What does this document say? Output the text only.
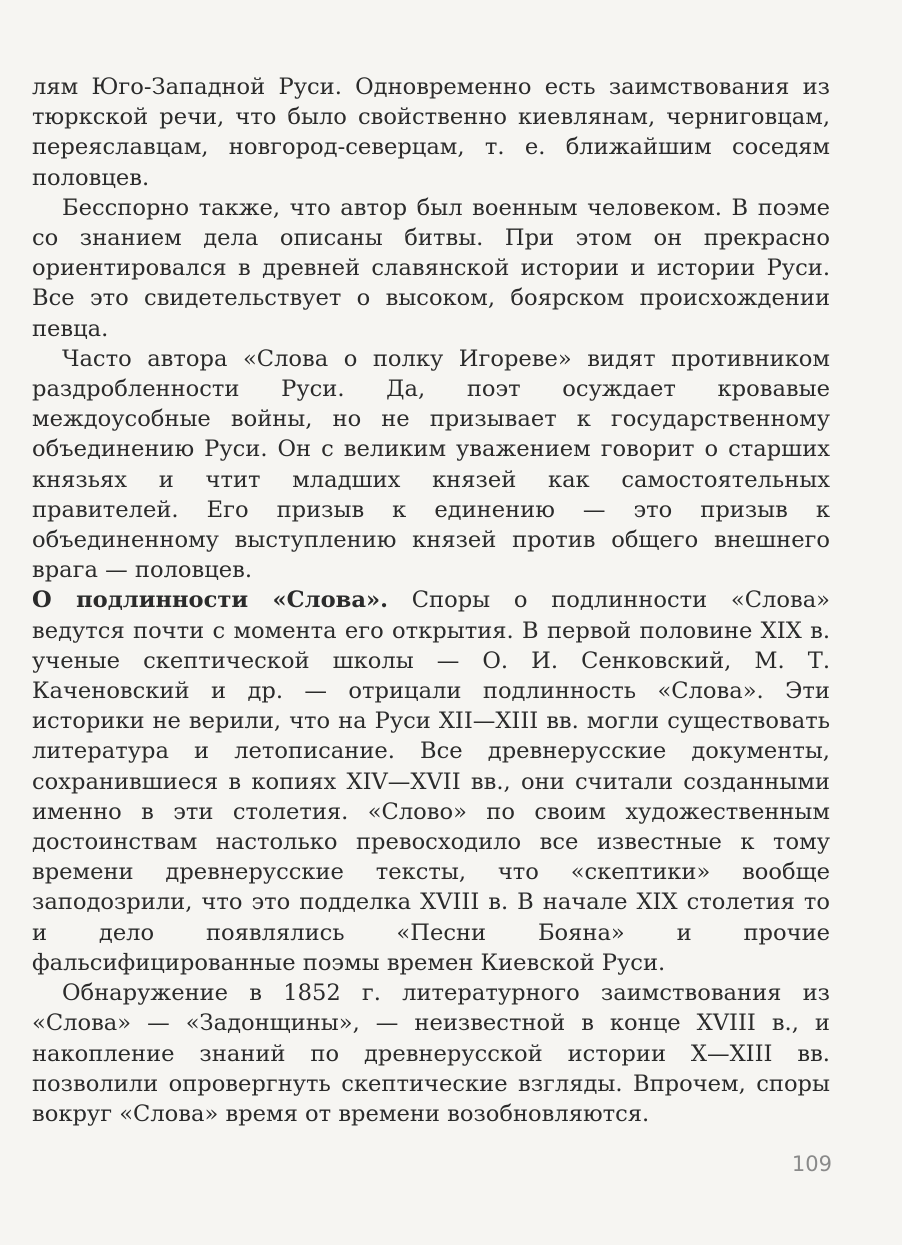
лям Юго-Западной Руси. Одновременно есть заимствования из тюркской речи, что было свойственно киевлянам, черниговцам, переяславцам, новгород-северцам, т. е. ближайшим соседям половцев.

Бесспорно также, что автор был военным человеком. В поэме со знанием дела описаны битвы. При этом он прекрасно ориентировался в древней славянской истории и истории Руси. Все это свидетельствует о высоком, боярском происхождении певца.

Часто автора «Слова о полку Игореве» видят противником раздробленности Руси. Да, поэт осуждает кровавые междоусобные войны, но не призывает к государственному объединению Руси. Он с великим уважением говорит о старших князьях и чтит младших князей как самостоятельных правителей. Его призыв к единению — это призыв к объединенному выступлению князей против общего внешнего врага — половцев.

О подлинности «Слова». Споры о подлинности «Слова» ведутся почти с момента его открытия. В первой половине XIX в. ученые скептической школы — О. И. Сенковский, М. Т. Каченовский и др. — отрицали подлинность «Слова». Эти историки не верили, что на Руси XII—XIII вв. могли существовать литература и летописание. Все древнерусские документы, сохранившиеся в копиях XIV—XVII вв., они считали созданными именно в эти столетия. «Слово» по своим художественным достоинствам настолько превосходило все известные к тому времени древнерусские тексты, что «скептики» вообще заподозрили, что это подделка XVIII в. В начале XIX столетия то и дело появлялись «Песни Бояна» и прочие фальсифицированные поэмы времен Киевской Руси.

Обнаружение в 1852 г. литературного заимствования из «Слова» — «Задонщины», — неизвестной в конце XVIII в., и накопление знаний по древнерусской истории X—XIII вв. позволили опровергнуть скептические взгляды. Впрочем, споры вокруг «Слова» время от времени возобновляются.

109
